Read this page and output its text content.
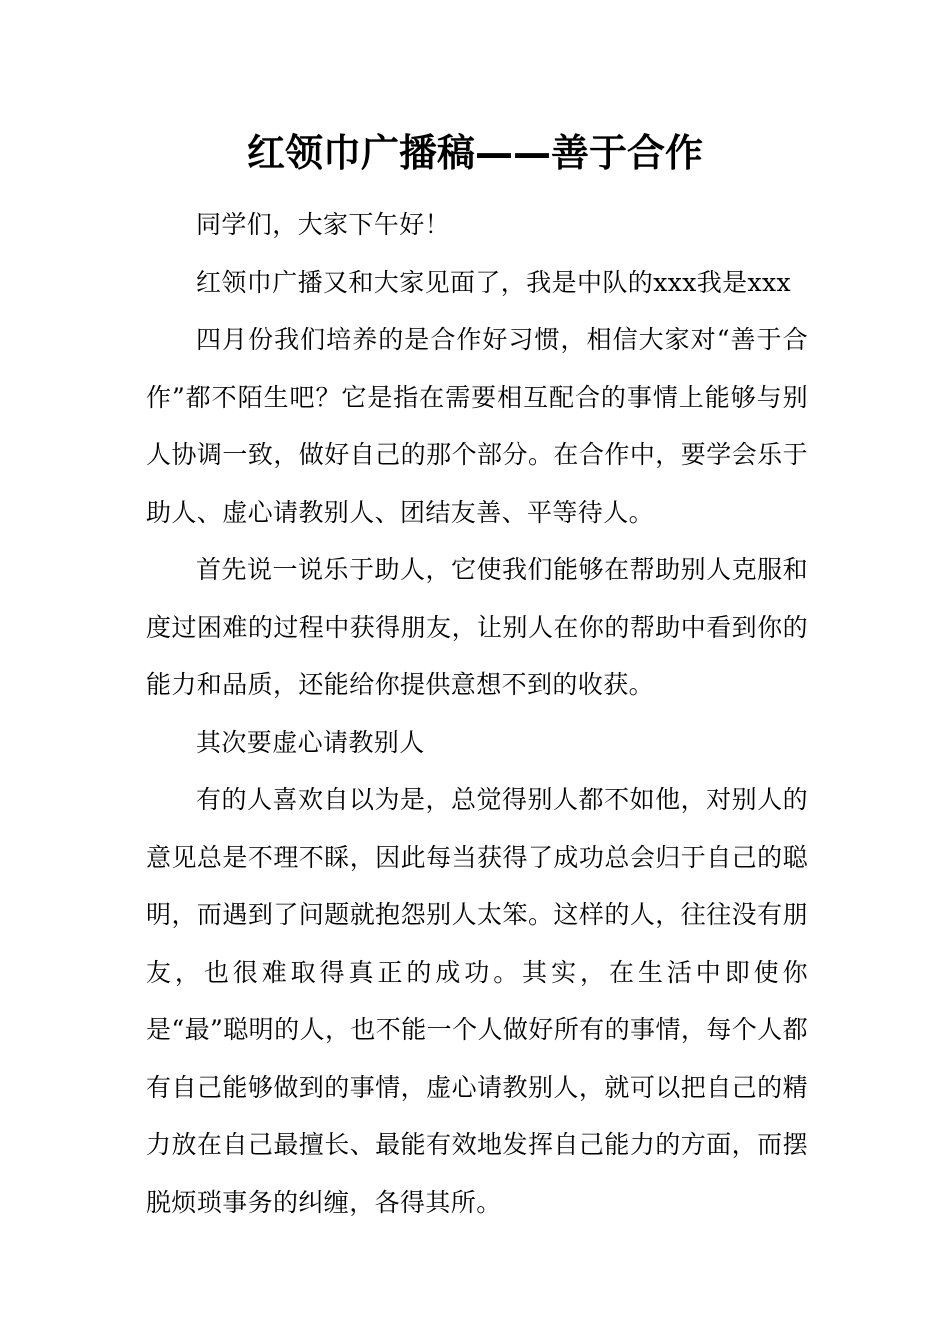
红领巾广播稿——善于合作

同学们，大家下午好！

红领巾广播又和大家见面了，我是中队的xxx我是xxx

四月份我们培养的是合作好习惯，相信大家对“善于合作”都不陌生吧？它是指在需要相互配合的事情上能够与别人协调一致，做好自己的那个部分。在合作中，要学会乐于助人、虚心请教别人、团结友善、平等待人。

首先说一说乐于助人，它使我们能够在帮助别人克服和度过困难的过程中获得朋友，让别人在你的帮助中看到你的能力和品质，还能给你提供意想不到的收获。

其次要虚心请教别人

有的人喜欢自以为是，总觉得别人都不如他，对别人的意见总是不理不睬，因此每当获得了成功总会归于自己的聪明，而遇到了问题就抱怨别人太笨。这样的人，往往没有朋友，也很难取得真正的成功。其实，在生活中即使你是“最”聪明的人，也不能一个人做好所有的事情，每个人都有自己能够做到的事情，虚心请教别人，就可以把自己的精力放在自己最擅长、最能有效地发挥自己能力的方面，而摆脱烦琐事务的纠缠，各得其所。
